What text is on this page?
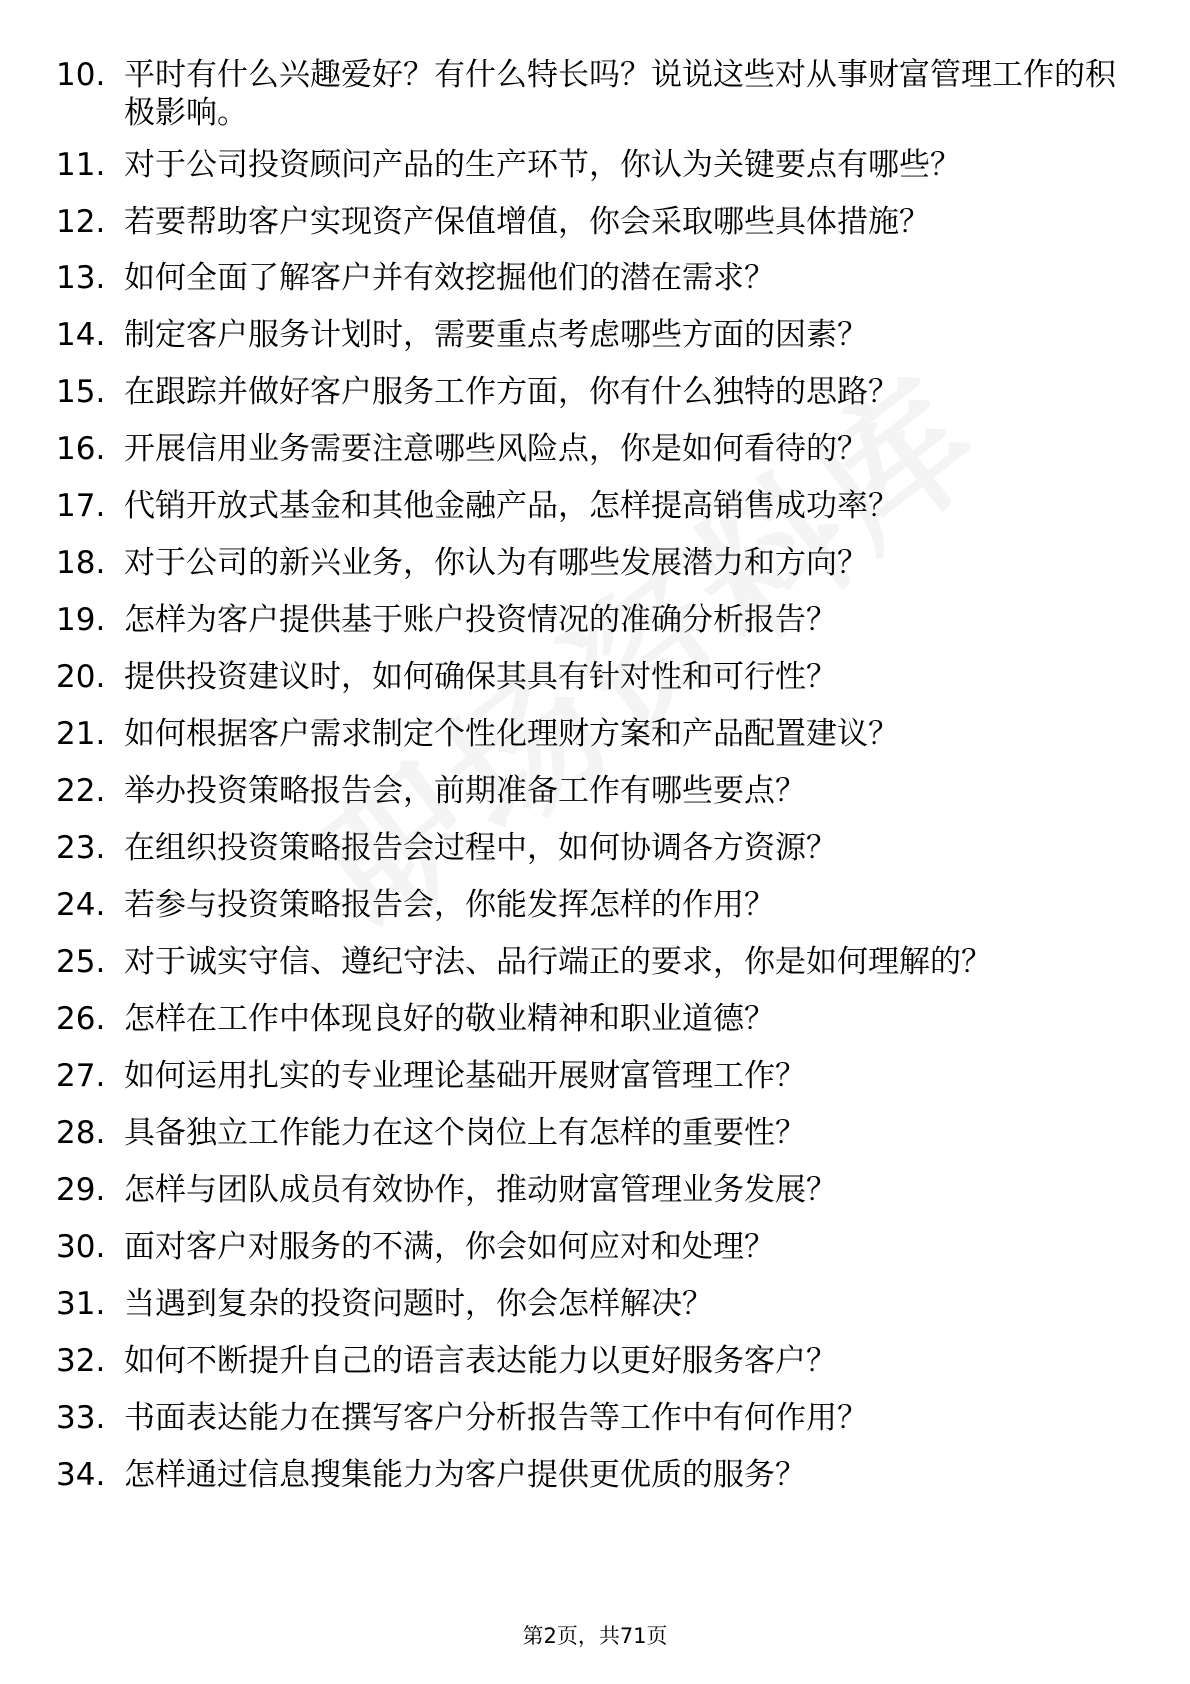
10. 平时有什么兴趣爱好？有什么特长吗？说说这些对从事财富管理工作的积极影响。
11. 对于公司投资顾问产品的生产环节，你认为关键要点有哪些？
12. 若要帮助客户实现资产保值增值，你会采取哪些具体措施？
13. 如何全面了解客户并有效挖掘他们的潜在需求？
14. 制定客户服务计划时，需要重点考虑哪些方面的因素？
15. 在跟踪并做好客户服务工作方面，你有什么独特的思路？
16. 开展信用业务需要注意哪些风险点，你是如何看待的？
17. 代销开放式基金和其他金融产品，怎样提高销售成功率？
18. 对于公司的新兴业务，你认为有哪些发展潜力和方向？
19. 怎样为客户提供基于账户投资情况的准确分析报告？
20. 提供投资建议时，如何确保其具有针对性和可行性？
21. 如何根据客户需求制定个性化理财方案和产品配置建议？
22. 举办投资策略报告会，前期准备工作有哪些要点？
23. 在组织投资策略报告会过程中，如何协调各方资源？
24. 若参与投资策略报告会，你能发挥怎样的作用？
25. 对于诚实守信、遵纪守法、品行端正的要求，你是如何理解的？
26. 怎样在工作中体现良好的敬业精神和职业道德？
27. 如何运用扎实的专业理论基础开展财富管理工作？
28. 具备独立工作能力在这个岗位上有怎样的重要性？
29. 怎样与团队成员有效协作，推动财富管理业务发展？
30. 面对客户对服务的不满，你会如何应对和处理？
31. 当遇到复杂的投资问题时，你会怎样解决？
32. 如何不断提升自己的语言表达能力以更好服务客户？
33. 书面表达能力在撰写客户分析报告等工作中有何作用？
34. 怎样通过信息搜集能力为客户提供更优质的服务？
第2页，共71页
